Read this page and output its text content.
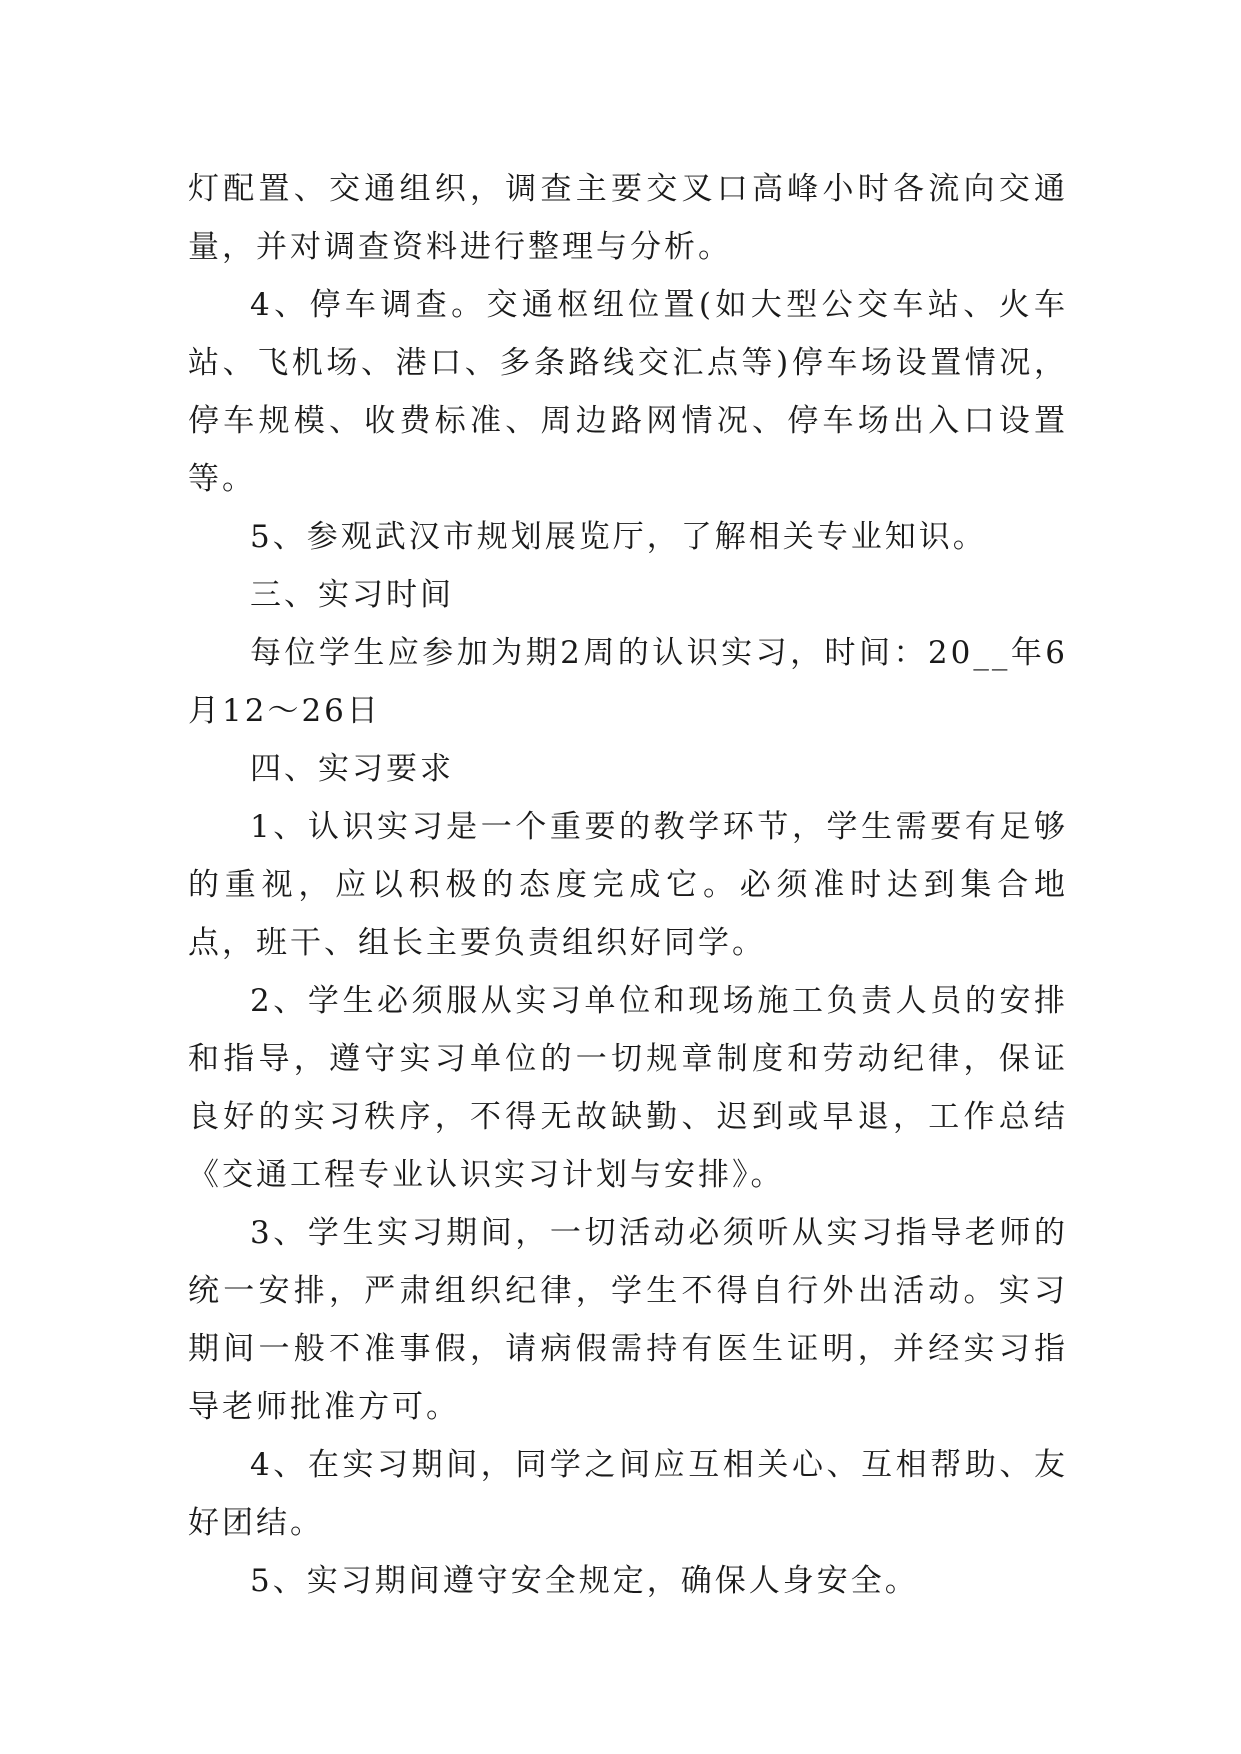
灯配置、交通组织，调查主要交叉口高峰小时各流向交通量，并对调查资料进行整理与分析。

4、停车调查。交通枢纽位置(如大型公交车站、火车站、飞机场、港口、多条路线交汇点等)停车场设置情况，停车规模、收费标准、周边路网情况、停车场出入口设置等。

5、参观武汉市规划展览厅，了解相关专业知识。

三、实习时间

每位学生应参加为期2周的认识实习，时间：20__年6月12～26日

四、实习要求

1、认识实习是一个重要的教学环节，学生需要有足够的重视，应以积极的态度完成它。必须准时达到集合地点，班干、组长主要负责组织好同学。

2、学生必须服从实习单位和现场施工负责人员的安排和指导，遵守实习单位的一切规章制度和劳动纪律，保证良好的实习秩序，不得无故缺勤、迟到或早退，工作总结《交通工程专业认识实习计划与安排》。

3、学生实习期间，一切活动必须听从实习指导老师的统一安排，严肃组织纪律，学生不得自行外出活动。实习期间一般不准事假，请病假需持有医生证明，并经实习指导老师批准方可。

4、在实习期间，同学之间应互相关心、互相帮助、友好团结。

5、实习期间遵守安全规定，确保人身安全。
